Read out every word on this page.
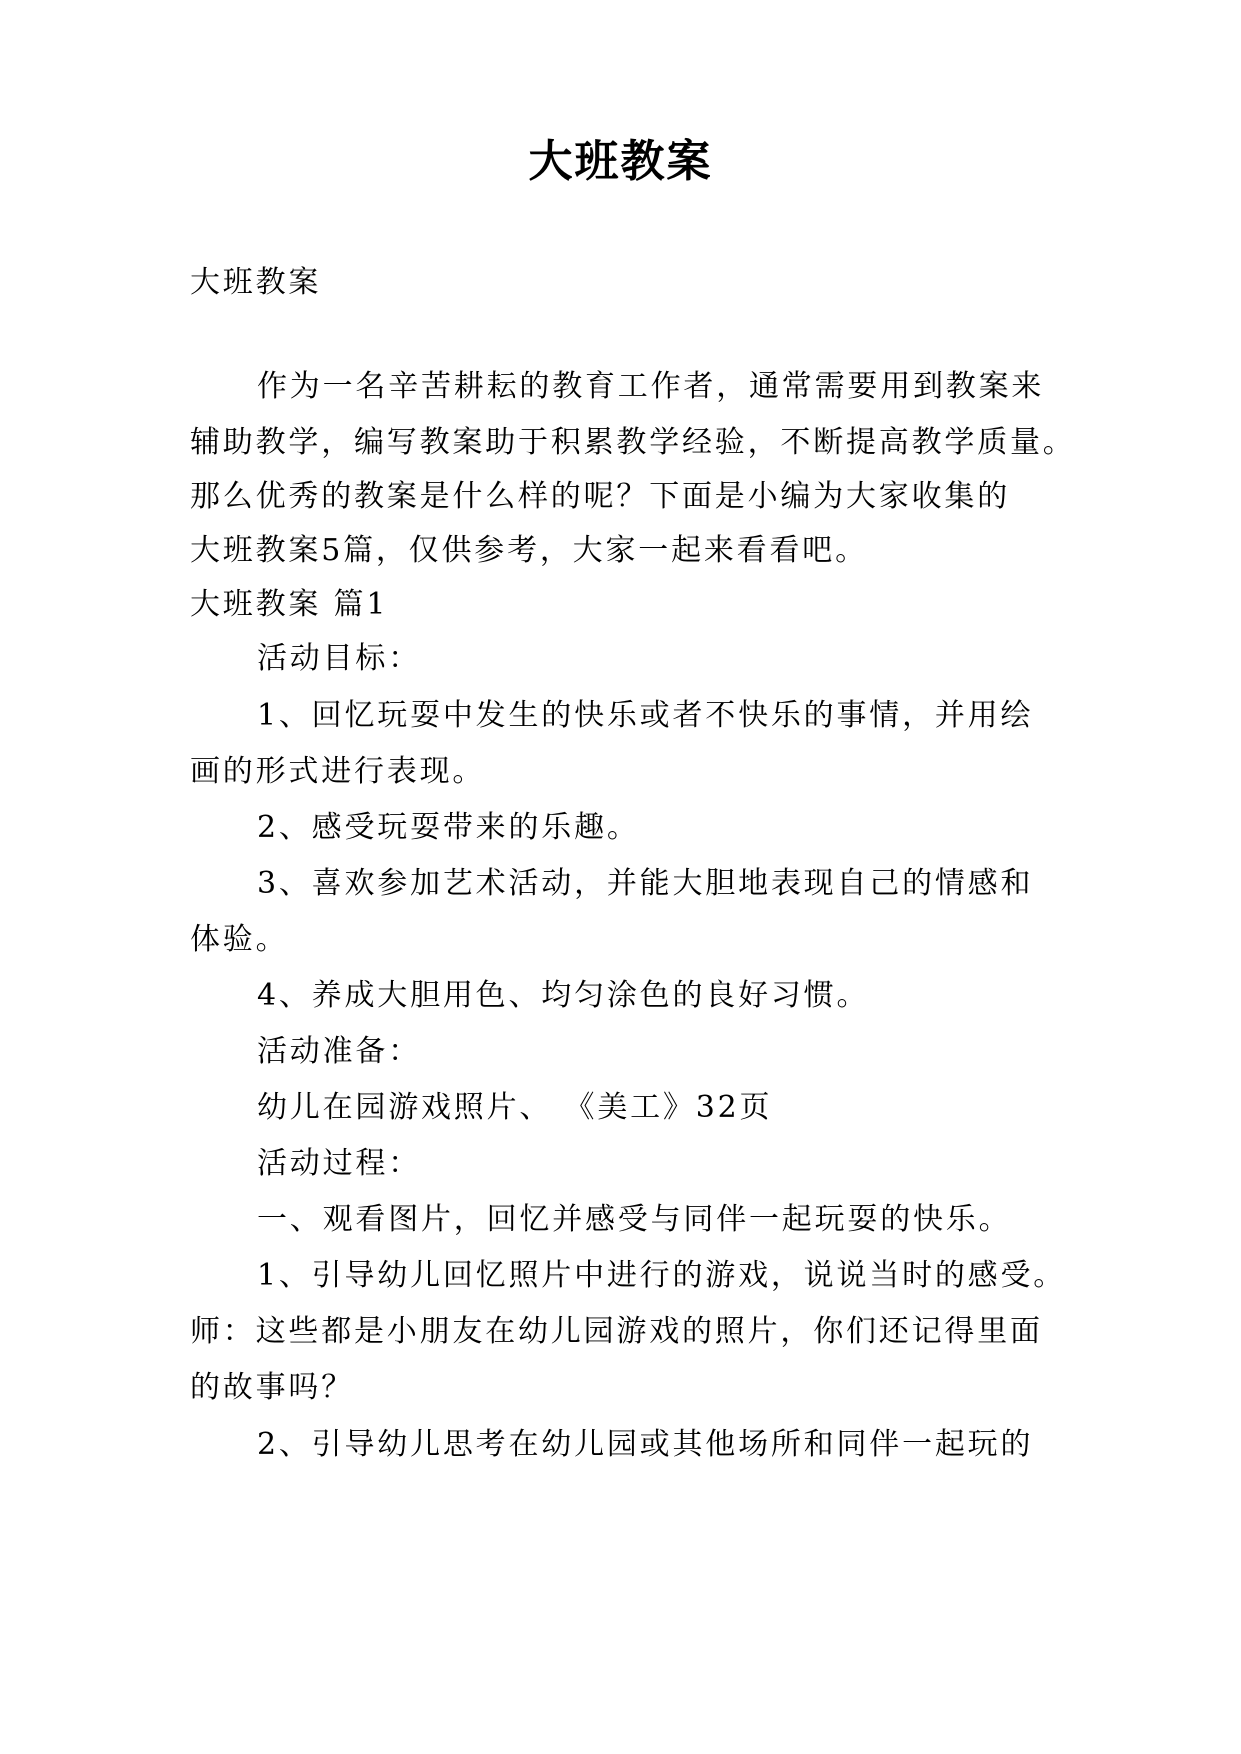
大班教案
大班教案
作为一名辛苦耕耘的教育工作者，通常需要用到教案来
辅助教学，编写教案助于积累教学经验，不断提高教学质量。
那么优秀的教案是什么样的呢？下面是小编为大家收集的
大班教案5篇，仅供参考，大家一起来看看吧。
大班教案 篇1
活动目标：
1、回忆玩耍中发生的快乐或者不快乐的事情，并用绘
画的形式进行表现。
2、感受玩耍带来的乐趣。
3、喜欢参加艺术活动，并能大胆地表现自己的情感和
体验。
4、养成大胆用色、均匀涂色的良好习惯。
活动准备：
幼儿在园游戏照片、 《美工》32页
活动过程：
一、观看图片，回忆并感受与同伴一起玩耍的快乐。
1、引导幼儿回忆照片中进行的游戏，说说当时的感受。
师：这些都是小朋友在幼儿园游戏的照片，你们还记得里面
的故事吗？
2、引导幼儿思考在幼儿园或其他场所和同伴一起玩的
